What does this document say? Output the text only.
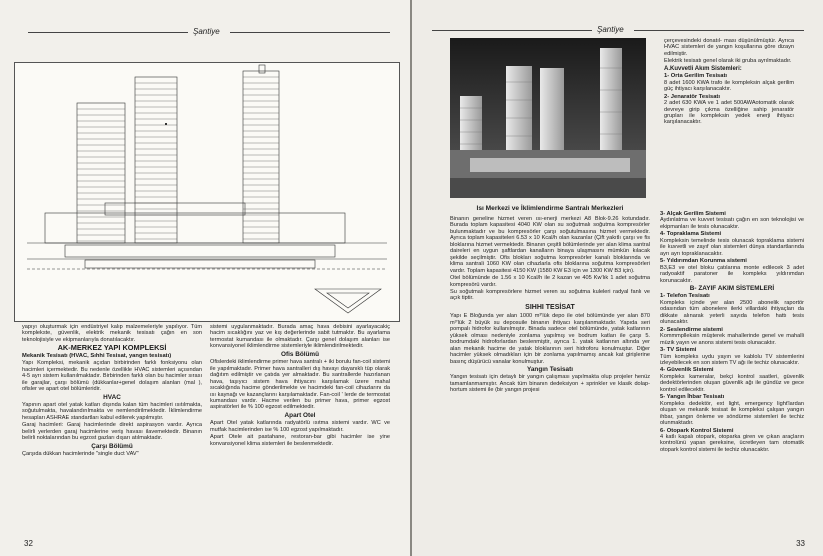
Şantiye

yapıyı oluşturmak için endüstriyel kalıp malzemeleriyle yapılıyor. Tüm komplekste, güvenlik, elektrik mekanik tesisatı çağın en son teknolojisiyle ve ekipmanlarıyla donatılacaktır.

AK-MERKEZ YAPI KOMPLEKSİ
Mekanik Tesisatı (HVAC, Sıhhi Tesisat, yangın tesisatı)

Yapı Kompleksi, mekanik açıdan birbirinden farklı fonksiyonu olan hacimleri içermektedir. Bu nedenle özellikle HVAC sistemleri açısından 4-5 ayrı sistem kullanılmaktadır. Birbirinden farklı olan bu hacimler sırası ile garajlar, çarşı bölümü (dükkanlar+genel dolaşım alanları (mal ), ofisler ve apart otel bölümleridir.

HVAC

Yapının apart otel yatak katları dışında kalan tüm hacimleri ısıtılmakta, soğutulmakta, havalandırılmakta ve nemlendirilmektedir. İklimlendirme hesapları ASHRAE standartları kabul edilerek yapılmıştır.

Garaj hacimleri: Garaj hacimlerinde direkt aspirasyon vardır. Ayrıca belirli yerlerden garaj hacimlerine veriş havası ilavemektedir. Binanın belirli noktalarından bu egzost gazları dışarı atılmaktadır.

Çarşı Bölümü

Çarşıda dükkan hacimlerinde "single duct VAV"

sistemi uygulanmaktadır. Burada amaç hava debisini ayarlayacakiç hacim sıcaklığını yaz ve kış değerlerinde sabit tutmaktır. Bu ayarlama termostat kumandası ile olmaktadır. Çarşı genel dolaşım alanları ise konvansiyonel iklimlendirme sistemleriyle iklimlendirilmektedir.

Ofis Bölümü

Ofislerdeki iklimlendirme primer hava santralı + iki borulu fan-coil sistemi ile yapılmaktadır. Primer hava santralleri dış havayı dayanıklı tüp olarak dağıtım edilmiştir ve çatıda yer almaktadır. Bu santrallerde hazırlanan hava, taşıyıcı sistem hava ihtiyacını karşılamak üzere mahal sıcaklığında hacime gönderilmekte ve hacimdeki fan-coil cihazlarını da ısı kaynağı ve kazançlarını karşılamaktadır. Fan-coil ' lerde de termostat kumandası vardır. Hacme verilen bu primer hava, primer egzost aspiratörleri ile % 100 egzost edilmektedir.

Apart Otel

Apart Otel yatak katlarında radyatörlü ısıtma sistemi vardır. WC ve mutfak hacimlerinden ise % 100 egzost yapılmaktadır.

Apart Otele ait pastahane, restoran-bar gibi hacimler ise yine konvansiyonel klima sistemleri ile beslenmektedir.

32
Şantiye
Isı Merkezi ve İklimlendirme Santralı Merkezleri

çerçevesindeki donatıl- ması düşünülmüştür. Ayrıca HVAC sistemleri de yangın koşullarına göre dizayn edilmiştir.

Elektrik tesisatı genel olarak iki gruba ayrılmaktadır.

A.Kuvvetli Akım Sistemleri:
1- Orta Gerilim Tesisatı

8 adet 1600 KWA trafo ile kompleksin alçak gerilim güç ihtiyacı karşılanacaktır.

2- Jenaratör Tesisatı

2 adet 630 KWA ve 1 adet 500AWAotomatik olarak devreye girip çıkma özelliğine sahip jenaratör grupları ile kompleksin yedek enerji ihtiyacı karşılanacaktır.

3- Alçak Gerilim Sistemi

Aydınlatma ve kuvvet tesisatı çağın en son teknolojisi ve ekipmanları ile tesis olunacaktır.

4- Topraklama Sistemi

Kompleksin temelinde tesis olunacak topraklama sistemi ile kuvvetli ve zayıf olan sistemleri dünya standartlarında ayrı ayrı topraklanacaktır.

5- Yıldırımdan Korunma sistemi

B3,E3 ve otel bloku çatılarına monte edilecek 3 adet radyoaktif paratoner ile kompleks yıldırımdan korunacaktır.

B- ZAYIF AKIM SİSTEMLERİ
1- Telefon Tesisatı

Kompleks içinde yer alan 2500 abonelik raportör odasından tüm abonelere ilerki villardaki ihtiyaçları da dikkate alınarak yeterli sayıda telefon hattı tesis olunacaktır.

2- Seslendirme sistemi

Kommmplleksin müşterek mahallerinde genel ve mahalli müzik yayın ve anons sistemi tesis olunacaktır.

3- TV Sistemi

Tüm kompleks uydu yayın ve kablolu TV sistemlerini izleyebilecek en son sistem TV ağı ile techiz olunacaktır.

4- Güvenlik Sistemi

Kompleks kameralar, bekçi kontrol saatleri, güvenlik dedektörlerinden oluşan güvenlik ağı ile gündüz ve gece kontrol edilecektir.

5- Yangın İhbar Tesisatı

Kompleks dedektör, ext light, emergency light'lardan oluşan ve mekanik tesisat ile kompleksi çalışan yangın ihbar, yangın önleme ve söndürme sistemleri ile techiz olunmaktadır.

6- Otopark Kontrol Sistemi

4 katlı kapalı otopark, otoparka giren ve çıkan araçların kontrolünü yapan gereksine, ücretleyen tam otomatik otopark kontrol sistemi ile techiz olunacaktır.

Binanın geneline hizmet veren ısı-enerji merkezi A8 Blok-9.26 kotundadır. Burada toplam kapasitesi 4040 KW olan su soğutmalı soğutma kompresörler bulunmaktadır ve bu kompresörler çarşı soğutulmasına hizmet vermektedir. Ayrıca toplam kapasiteleri 6.53 x 10 Kcal/h olan kazanlar (Çift yakıtlı çarşı ve fis bloklarına hizmet vermektedir. Binanın çeşitli bölümlerinde yer alan klima santral daireleri en uygun şaftlardan kanalların binaya ulaşmasını mümkün kılacak şekilde seçilmiştir. Ofis blokları soğutma kompresörler kanalı bloklarında ve klima santrali 1060 KW olan cihazlarla ofis bloklarına soğutma kompresörleri vardır. Toplam kapasitesi 4150 KW (1580 KW E3 için ve 1300 KW B3 için).

Otel bölümünde de 1.56 x 10 Kcal/h ile 2 kazan ve 405 Kw'lık 1 adet soğutma kompresörü vardır.

Su soğutmalı kompresörlere hizmet veren su soğutma kuleleri radyal fanlı ve açık tiptir.

SIHHI TESİSAT

Yapı E Bloğunda yer alan 1000 m³'lük depo ile otel bölümünde yer alan 870 m³'lük 2 büyük su deposuile binanın ihtiyacı karşılanmaktadır. Yapıda seri pompalı hidrofor kullanılmıştır. Binada sadece otel bölümünde, yatak katlarının yüksek olması nedeniyle zonlama yapılmış ve bodrum katları ile çarşı 5. bodrumdaki hidroforlardan beslenmiştir, ayrıca 1. yatak katlarının altında yer alan mekanik hacime de yatak bloklarının seri hidroforu konulmuştur. Diğer hacimler yüksek olmadıkları için bir zonlama yapılmamış ancak kat girişlerine basınç düşürücü vanalar konulmuştur.

Yangın Tesisatı

Yangın tesisatı için detaylı bir yangın çalışması yapılmakta olup projeler henüz tamamlanmamıştır. Ancak tüm binanın dedeksiyon + sprinkler ve klasik dolap-hortum sistemi ile (bir yangın projesi

33
